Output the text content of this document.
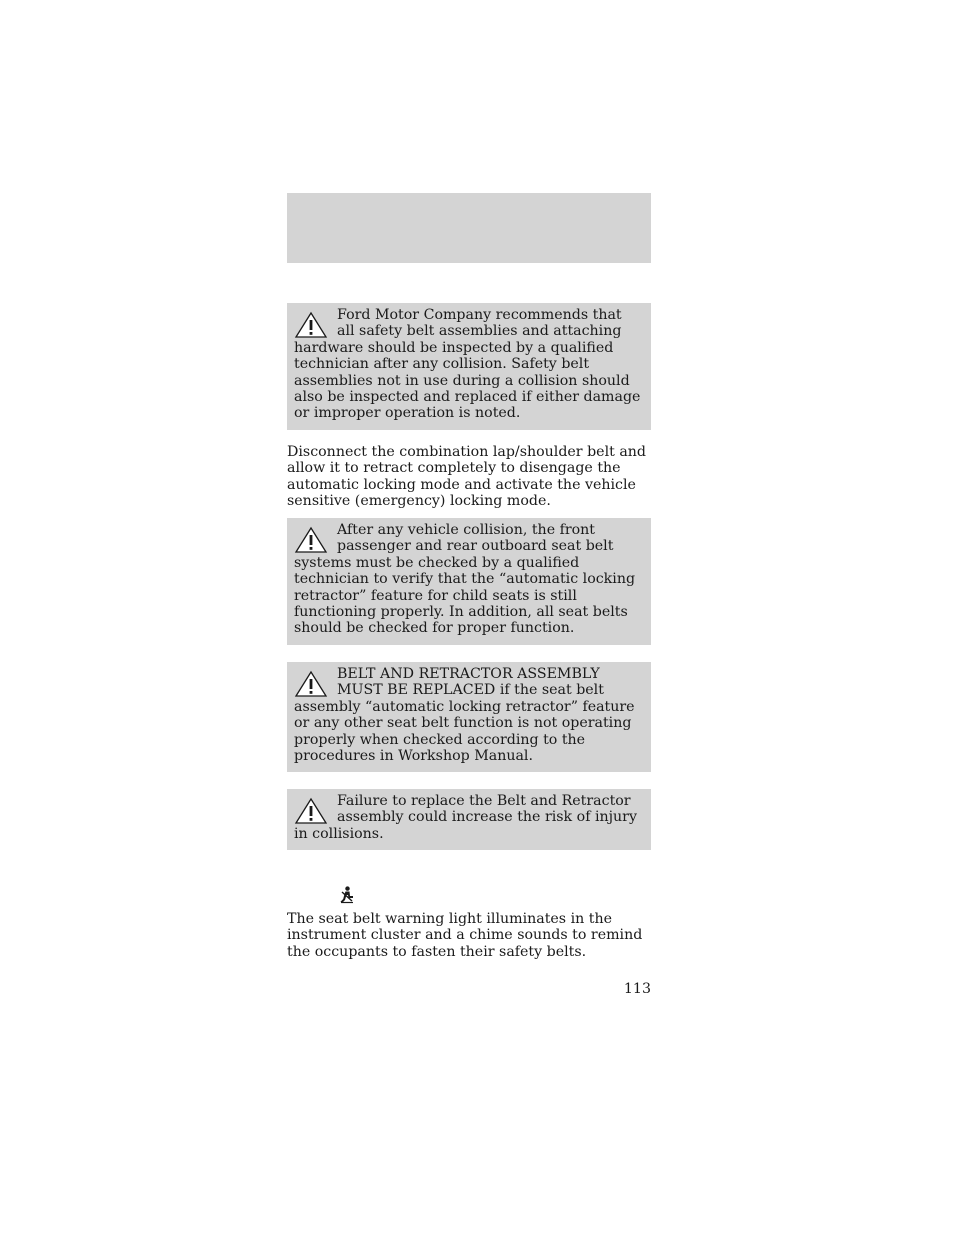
Ford Motor Company recommends that all safety belt assemblies and attaching hardware should be inspected by a qualified technician after any collision. Safety belt assemblies not in use during a collision should also be inspected and replaced if either damage or improper operation is noted.

Disconnect the combination lap/shoulder belt and allow it to retract completely to disengage the automatic locking mode and activate the vehicle sensitive (emergency) locking mode.

After any vehicle collision, the front passenger and rear outboard seat belt systems must be checked by a qualified technician to verify that the “automatic locking retractor” feature for child seats is still functioning properly. In addition, all seat belts should be checked for proper function.

BELT AND RETRACTOR ASSEMBLY MUST BE REPLACED if the seat belt assembly “automatic locking retractor” feature or any other seat belt function is not operating properly when checked according to the procedures in Workshop Manual.

Failure to replace the Belt and Retractor assembly could increase the risk of injury in collisions.

The seat belt warning light illuminates in the instrument cluster and a chime sounds to remind the occupants to fasten their safety belts.

113
